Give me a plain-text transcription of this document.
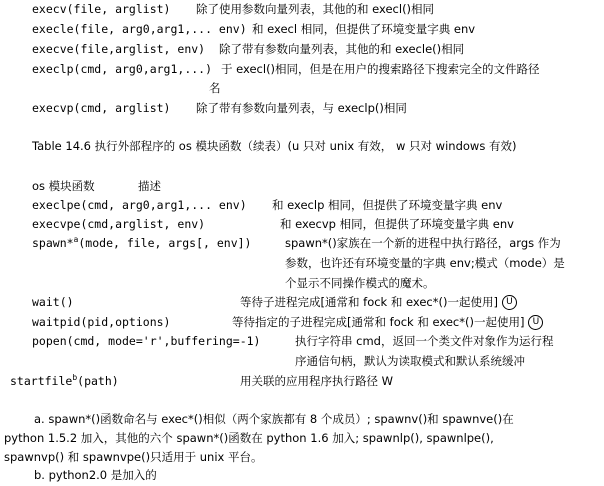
execv(file, arglist) 除了使用参数向量列表，其他的和 execl()相同
execle(file, arg0,arg1,... env) 和 execl 相同，但提供了环境变量字典 env
execve(file,arglist, env) 除了带有参数向量列表，其他的和 execle()相同
execlp(cmd, arg0,arg1,...) 于 execl()相同，但是在用户的搜索路径下搜索完全的文件路径
名
execvp(cmd, arglist) 除了带有参数向量列表，与 execlp()相同
Table 14.6 执行外部程序的 os 模块函数（续表）(u 只对 unix 有效， w 只对 windows 有效)
os 模块函数	描述
execlpe(cmd, arg0,arg1,... env) 和 execlp 相同，但提供了环境变量字典 env
execvpe(cmd,arglist, env)	和 execvp 相同，但提供了环境变量字典 env
spawn*$^a$(mode, file, args[, env])	spawn*()家族在一个新的进程中执行路径，args 作为
参数，也许还有环境变量的字典 env;模式（mode）是
个显示不同操作模式的魔术。
wait()	等待子进程完成[通常和 fock 和 exec*()一起使用] U
waitpid(pid,options)	等待指定的子进程完成[通常和 fock 和 exec*()一起使用] U
popen(cmd, mode='r',buffering=-1)	执行字符串 cmd，返回一个类文件对象作为运行程
序通信句柄，默认为读取模式和默认系统缓冲
startfile$^b$(path)	用关联的应用程序执行路径 W
a. spawn*()函数命名与 exec*()相似（两个家族都有 8 个成员）; spawnv()和 spawnve()在
python 1.5.2 加入，其他的六个 spawn*()函数在 python 1.6 加入; spawnlp(), spawnlpe(),
spawnvp() 和 spawnvpe()只适用于 unix 平台。
b. python2.0 是加入的
